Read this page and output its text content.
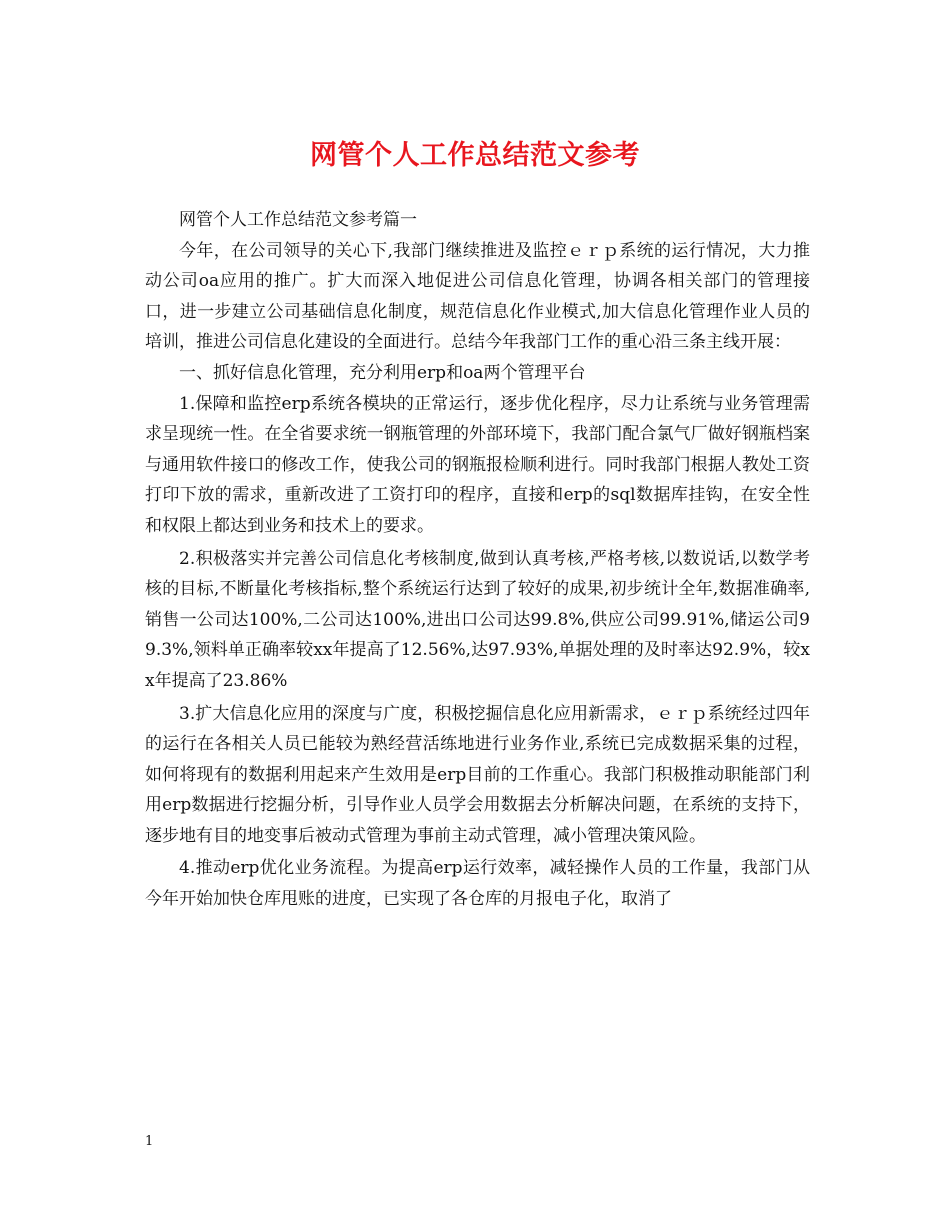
网管个人工作总结范文参考

网管个人工作总结范文参考篇一

今年，在公司领导的关心下,我部门继续推进及监控ｅｒｐ系统的运行情况，大力推动公司oa应用的推广。扩大而深入地促进公司信息化管理，协调各相关部门的管理接口，进一步建立公司基础信息化制度，规范信息化作业模式,加大信息化管理作业人员的培训，推进公司信息化建设的全面进行。总结今年我部门工作的重心沿三条主线开展：

一、抓好信息化管理，充分利用erp和oa两个管理平台

1.保障和监控erp系统各模块的正常运行，逐步优化程序，尽力让系统与业务管理需求呈现统一性。在全省要求统一钢瓶管理的外部环境下，我部门配合氯气厂做好钢瓶档案与通用软件接口的修改工作，使我公司的钢瓶报检顺利进行。同时我部门根据人教处工资打印下放的需求，重新改进了工资打印的程序，直接和erp的sql数据库挂钩，在安全性和权限上都达到业务和技术上的要求。

2.积极落实并完善公司信息化考核制度,做到认真考核,严格考核,以数说话,以数学考核的目标,不断量化考核指标,整个系统运行达到了较好的成果,初步统计全年,数据准确率,销售一公司达100%,二公司达100%,进出口公司达99.8%,供应公司99.91%,储运公司99.3%,领料单正确率较xx年提高了12.56%,达97.93%,单据处理的及时率达92.9%，较xx年提高了23.86%

3.扩大信息化应用的深度与广度，积极挖掘信息化应用新需求，ｅｒｐ系统经过四年的运行在各相关人员已能较为熟经营活练地进行业务作业,系统已完成数据采集的过程，如何将现有的数据利用起来产生效用是erp目前的工作重心。我部门积极推动职能部门利用erp数据进行挖掘分析，引导作业人员学会用数据去分析解决问题，在系统的支持下，逐步地有目的地变事后被动式管理为事前主动式管理，减小管理决策风险。

4.推动erp优化业务流程。为提高erp运行效率，减轻操作人员的工作量，我部门从今年开始加快仓库甩账的进度，已实现了各仓库的月报电子化，取消了

1
